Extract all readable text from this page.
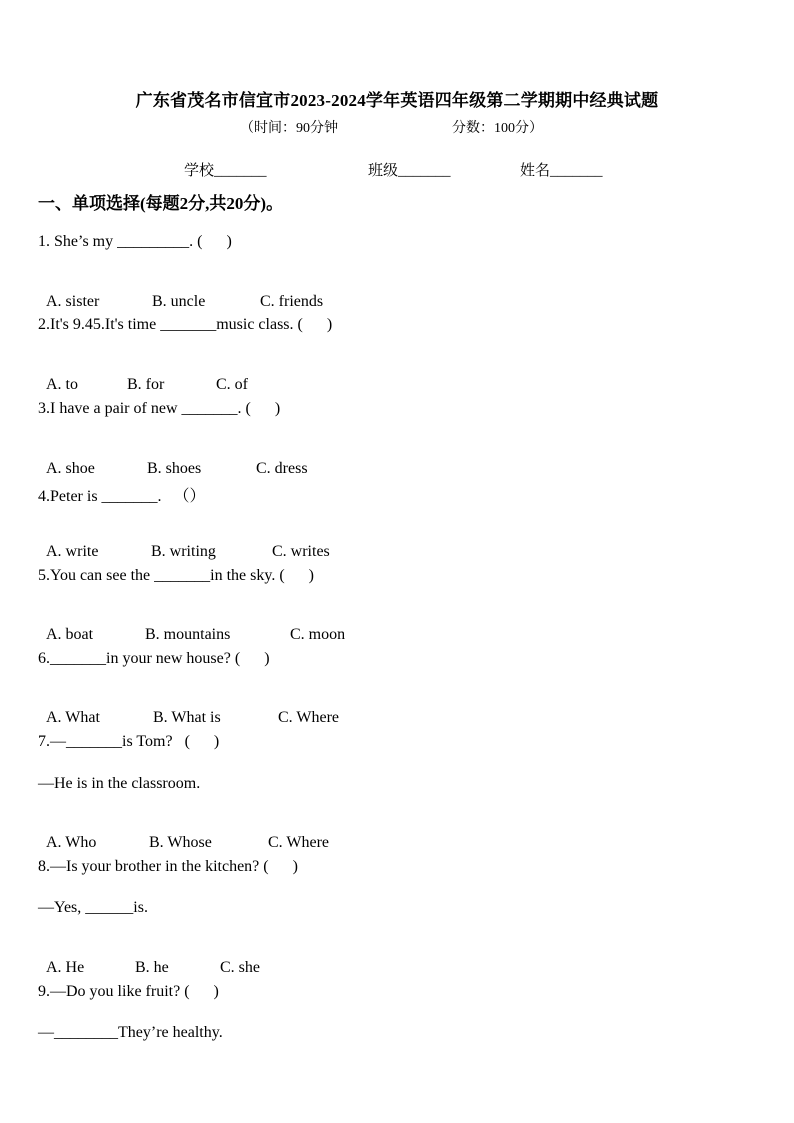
广东省茂名市信宜市2023-2024学年英语四年级第二学期期中经典试题
（时间：90分钟	分数：100分）
学校_______	班级_______	姓名_______
一、单项选择(每题2分,共20分)。
1. She’s my _________. (      )

A. sister	B. uncle	C. friends

2.It's 9.45.It's time _______music class. (      )

A. to	B. for	C. of

3.I have a pair of new _______. (      )

A. shoe	B. shoes	C. dress

4.Peter is _______.   （）

A. write	B. writing	C. writes

5.You can see the _______in the sky. (      )

A. boat	B. mountains	C. moon

6._______in your new house? (      )

A. What	B. What is	C. Where

7.—_______is Tom?   (      )
—He is in the classroom.

A. Who	B. Whose	C. Where

8.—Is your brother in the kitchen? (      )
—Yes, ______is.

A. He	B. he	C. she

9.—Do you like fruit? (      )
—________They’re healthy.
